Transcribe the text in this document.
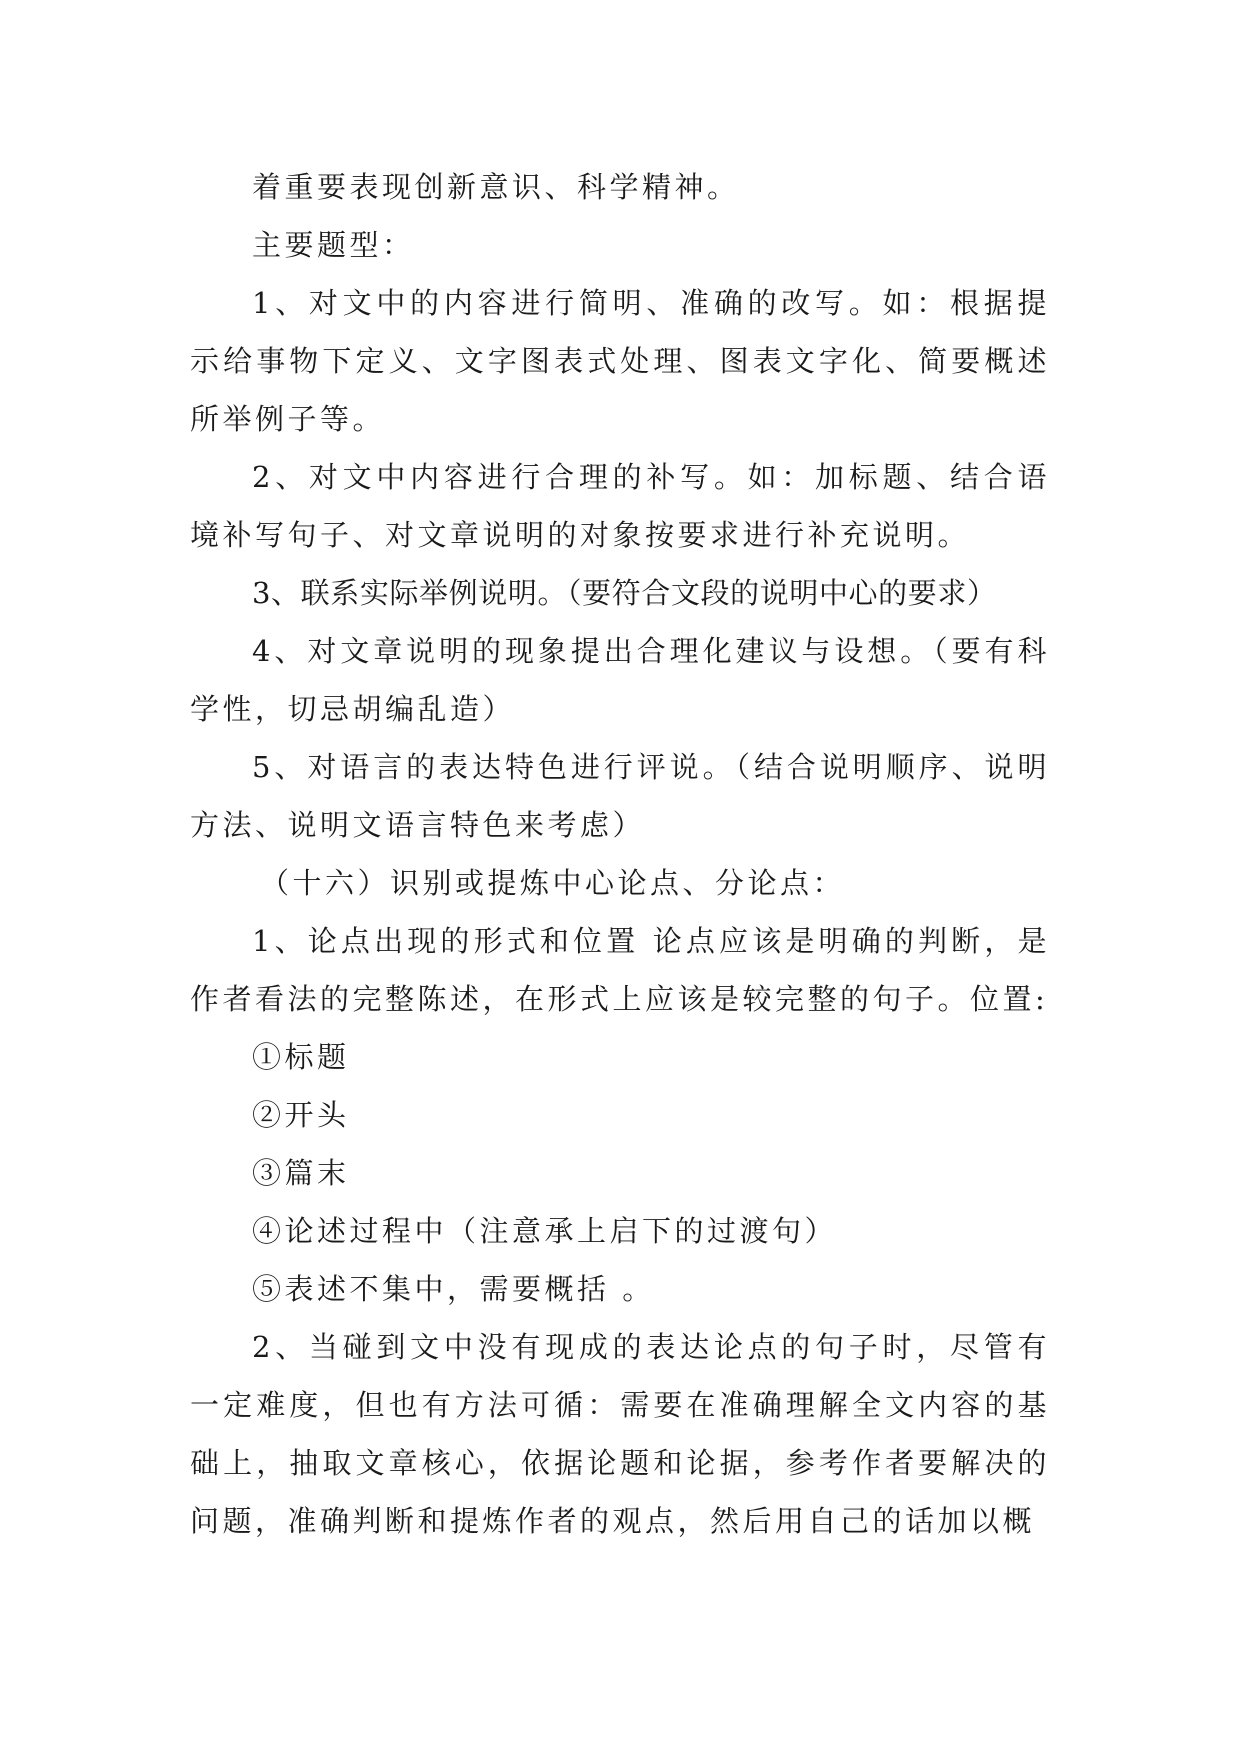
着重要表现创新意识、科学精神。

主要题型：

1、对文中的内容进行简明、准确的改写。如：根据提示给事物下定义、文字图表式处理、图表文字化、简要概述所举例子等。

2、对文中内容进行合理的补写。如：加标题、结合语境补写句子、对文章说明的对象按要求进行补充说明。

3、联系实际举例说明。（要符合文段的说明中心的要求）

4、对文章说明的现象提出合理化建议与设想。（要有科学性，切忌胡编乱造）

5、对语言的表达特色进行评说。（结合说明顺序、说明方法、说明文语言特色来考虑）

（十六）识别或提炼中心论点、分论点：

1、论点出现的形式和位置 论点应该是明确的判断，是作者看法的完整陈述，在形式上应该是较完整的句子。位置:

①标题

②开头

③篇末

④论述过程中（注意承上启下的过渡句）

⑤表述不集中，需要概括 。

2、当碰到文中没有现成的表达论点的句子时，尽管有一定难度，但也有方法可循：需要在准确理解全文内容的基础上，抽取文章核心，依据论题和论据，参考作者要解决的问题，准确判断和提炼作者的观点，然后用自己的话加以概
